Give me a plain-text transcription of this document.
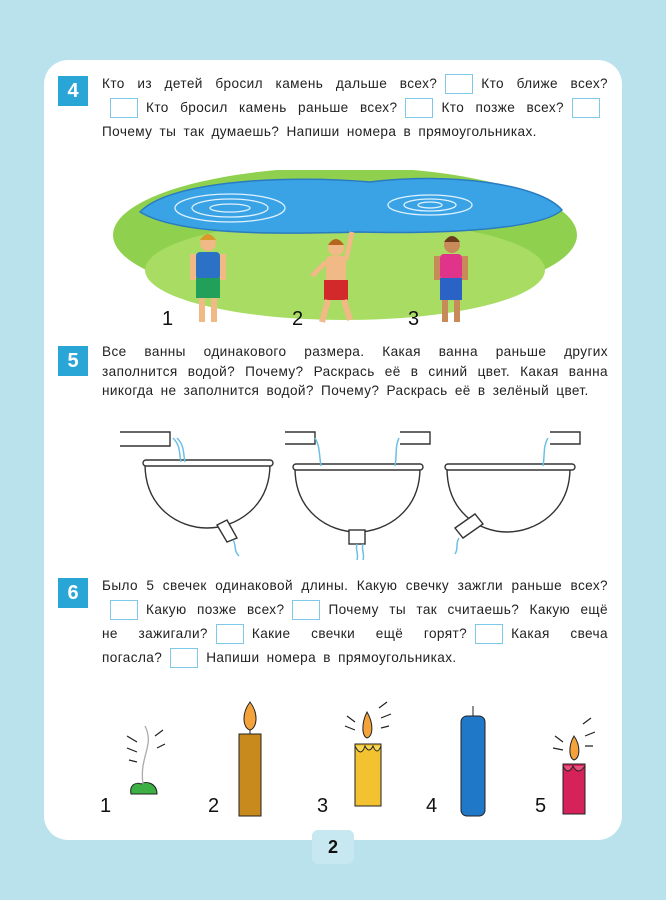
4	Кто из детей бросил камень дальше всех?	Кто ближе всех?Кто бросил камень раньше всех?	Кто позже всех?Почему ты так думаешь? Напиши номера в прямоугольниках.
1	2	3
5	Все ванны одинакового размера. Какая ванна раньше других заполнится водой? Почему? Раскрась её в синий цвет. Какая ванна никогда не заполнится водой? Почему? Раскрась её в зелёный цвет.
6	Было 5 свечек одинаковой длины. Какую свечку зажгли раньше всех?Какую позже всех?	Почему ты так считаешь? Какую ещё не зажигали?	Какие свечки ещё горят?	Какая свеча погасла?	Напиши номера в прямоугольниках.
1	2	3	4	5
2
